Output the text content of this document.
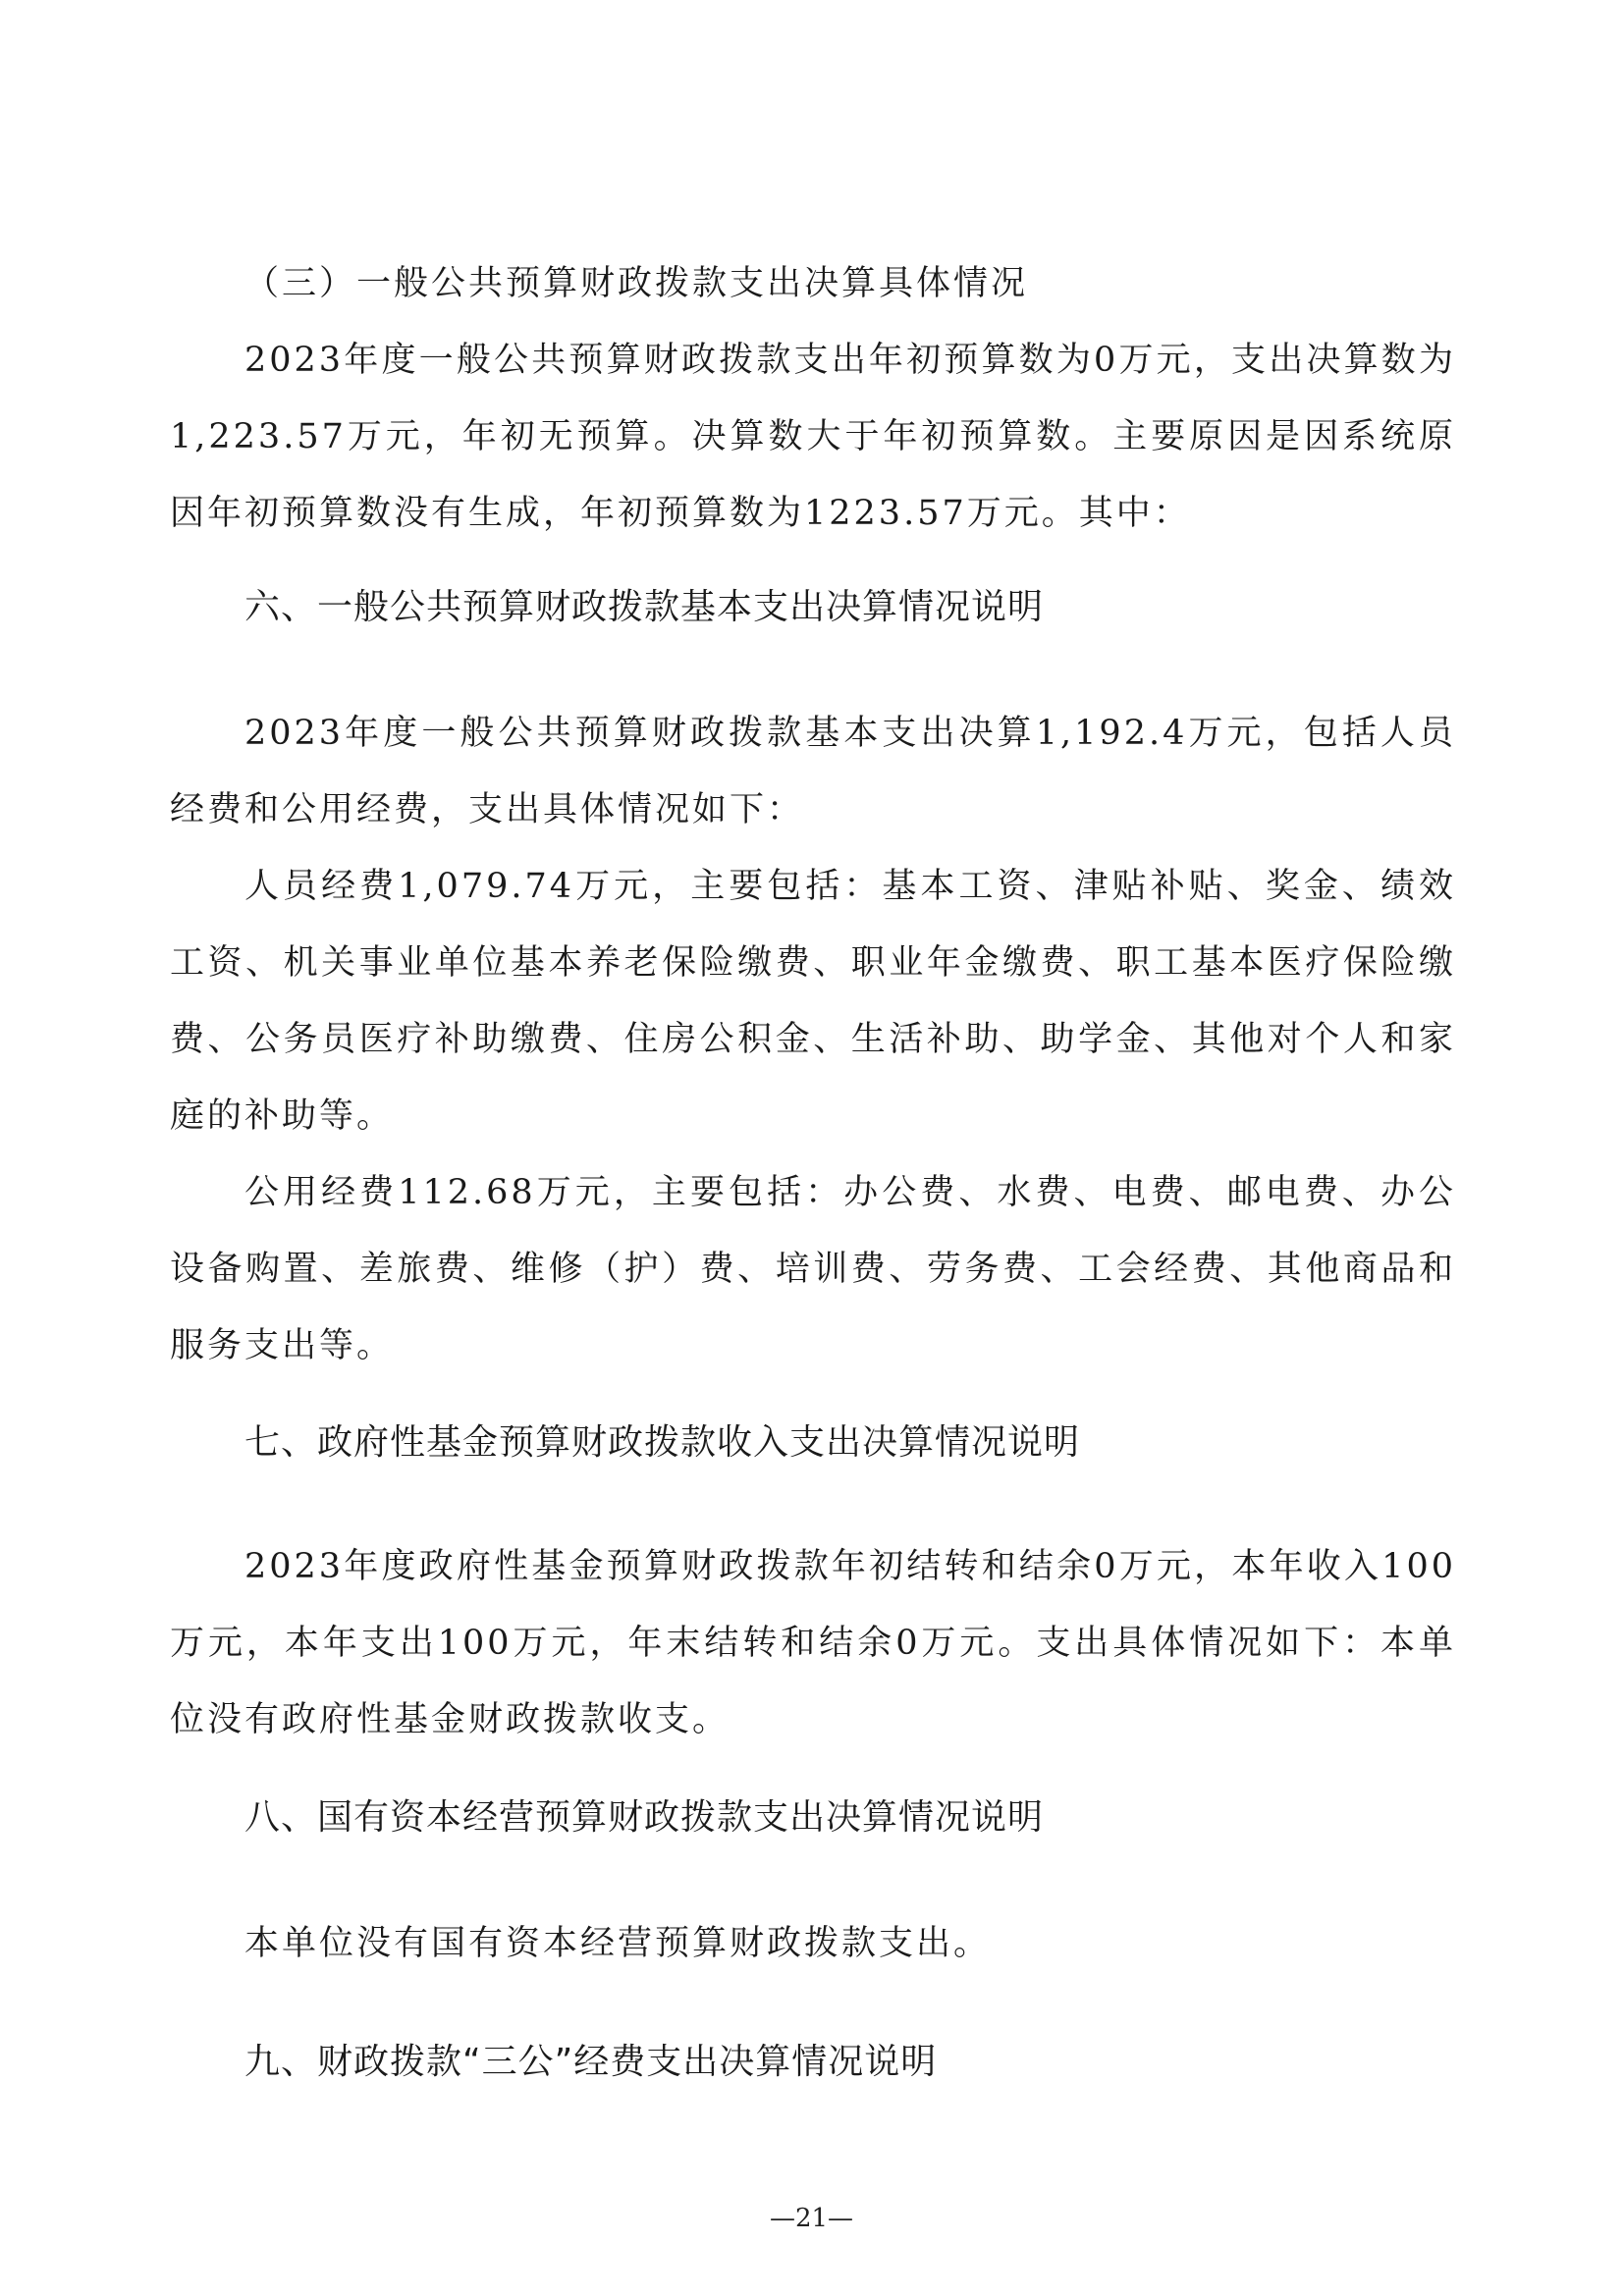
（三）一般公共预算财政拨款支出决算具体情况

2023年度一般公共预算财政拨款支出年初预算数为0万元，支出决算数为1,223.57万元，年初无预算。决算数大于年初预算数。主要原因是因系统原因年初预算数没有生成，年初预算数为1223.57万元。其中：

六、一般公共预算财政拨款基本支出决算情况说明

2023年度一般公共预算财政拨款基本支出决算1,192.4万元，包括人员经费和公用经费，支出具体情况如下：

人员经费1,079.74万元，主要包括：基本工资、津贴补贴、奖金、绩效工资、机关事业单位基本养老保险缴费、职业年金缴费、职工基本医疗保险缴费、公务员医疗补助缴费、住房公积金、生活补助、助学金、其他对个人和家庭的补助等。

公用经费112.68万元，主要包括：办公费、水费、电费、邮电费、办公设备购置、差旅费、维修（护）费、培训费、劳务费、工会经费、其他商品和服务支出等。

七、政府性基金预算财政拨款收入支出决算情况说明

2023年度政府性基金预算财政拨款年初结转和结余0万元，本年收入100万元，本年支出100万元，年末结转和结余0万元。支出具体情况如下：本单位没有政府性基金财政拨款收支。

八、国有资本经营预算财政拨款支出决算情况说明

本单位没有国有资本经营预算财政拨款支出。

九、财政拨款“三公”经费支出决算情况说明
—21—
